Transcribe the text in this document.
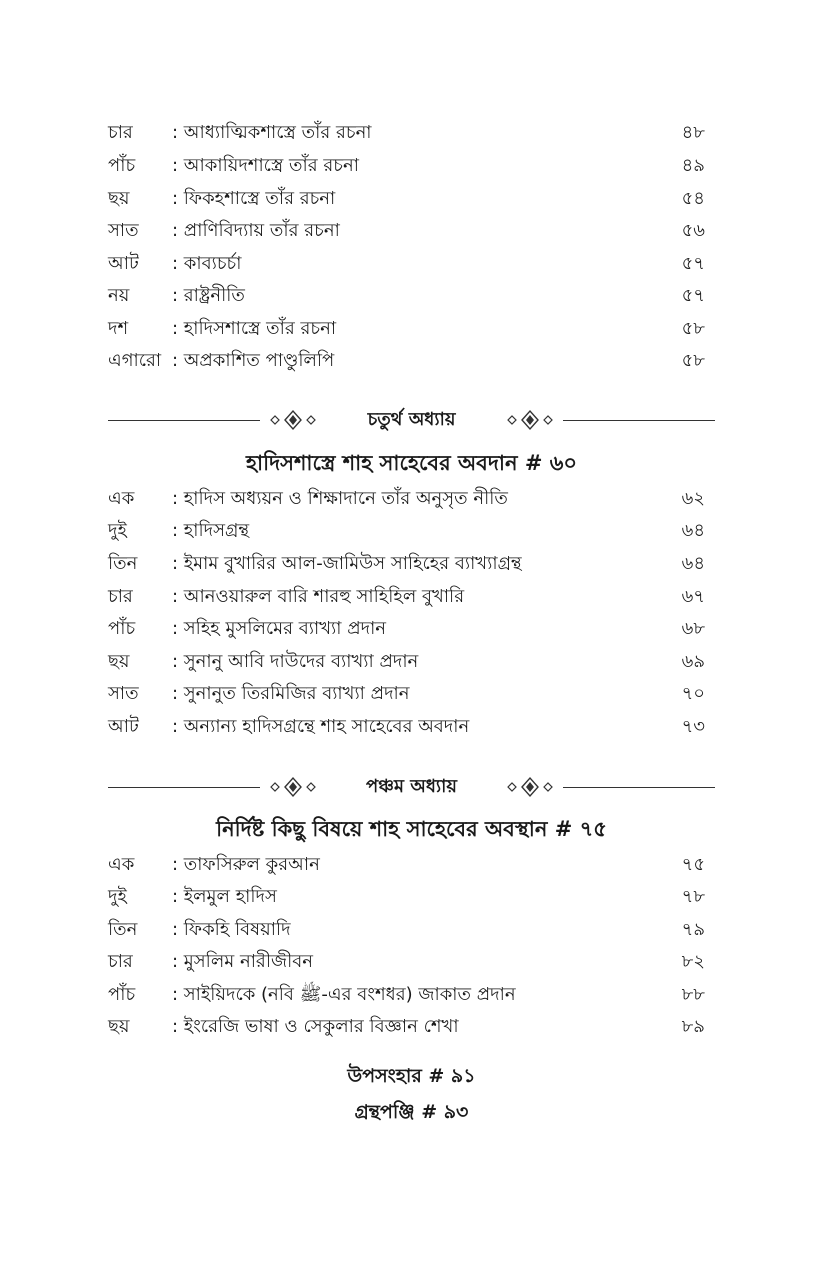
চার	: আধ্যাত্মিকশাস্ত্রে তাঁর রচনা	৪৮
পাঁচ	: আকায়িদশাস্ত্রে তাঁর রচনা	৪৯
ছয়	: ফিকহশাস্ত্রে তাঁর রচনা	৫৪
সাত	: প্রাণিবিদ্যায় তাঁর রচনা	৫৬
আট	: কাব্যচর্চা	৫৭
নয়	: রাষ্ট্রনীতি	৫৭
দশ	: হাদিসশাস্ত্রে তাঁর রচনা	৫৮
এগারো : অপ্রকাশিত পাণ্ডুলিপি	৫৮
চতুর্থ অধ্যায়
হাদিসশাস্ত্রে শাহ সাহেবের অবদান # ৬০
এক	: হাদিস অধ্যয়ন ও শিক্ষাদানে তাঁর অনুসৃত নীতি	৬২
দুই	: হাদিসগ্রন্থ	৬৪
তিন	: ইমাম বুখারির আল-জামিউস সাহিহের ব্যাখ্যাগ্রন্থ	৬৪
চার	: আনওয়ারুল বারি শারহু সাহিহিল বুখারি	৬৭
পাঁচ	: সহিহ মুসলিমের ব্যাখ্যা প্রদান	৬৮
ছয়	: সুনানু আবি দাউদের ব্যাখ্যা প্রদান	৬৯
সাত	: সুনানুত তিরমিজির ব্যাখ্যা প্রদান	৭০
আট	: অন্যান্য হাদিসগ্রন্থে শাহ সাহেবের অবদান	৭৩
পঞ্চম অধ্যায়
নির্দিষ্ট কিছু বিষয়ে শাহ সাহেবের অবস্থান # ৭৫
এক	: তাফসিরুল কুরআন	৭৫
দুই	: ইলমুল হাদিস	৭৮
তিন	: ফিকহি বিষয়াদি	৭৯
চার	: মুসলিম নারীজীবন	৮২
পাঁচ	: সাইয়িদকে (নবি ﷺ-এর বংশধর) জাকাত প্রদান	৮৮
ছয়	: ইংরেজি ভাষা ও সেকুলার বিজ্ঞান শেখা	৮৯
উপসংহার # ৯১
গ্রন্থপঞ্জি # ৯৩
